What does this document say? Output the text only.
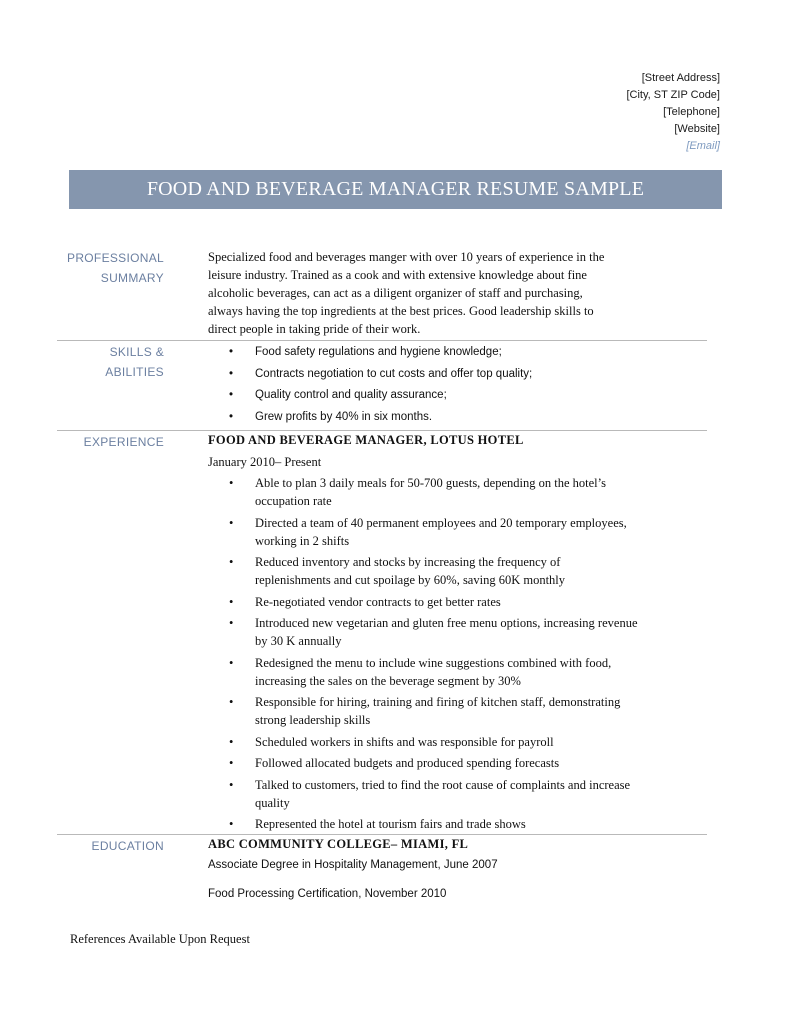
[Street Address]
[City, ST ZIP Code]
[Telephone]
[Website]
[Email]
FOOD AND BEVERAGE MANAGER RESUME SAMPLE
PROFESSIONAL
SUMMARY
Specialized food and beverages manger with over 10 years of experience in the leisure industry. Trained as a cook and with extensive knowledge about fine alcoholic beverages, can act as a diligent organizer of staff and purchasing, always having the top ingredients at the best prices. Good leadership skills to direct people in taking pride of their work.
SKILLS & ABILITIES
• Food safety regulations and hygiene knowledge;
• Contracts negotiation to cut costs and offer top quality;
• Quality control and quality assurance;
• Grew profits by 40% in six months.
EXPERIENCE	FOOD AND BEVERAGE MANAGER, LOTUS HOTEL
January 2010– Present
• Able to plan 3 daily meals for 50-700 guests, depending on the hotel’s occupation rate
• Directed a team of 40 permanent employees and 20 temporary employees, working in 2 shifts
• Reduced inventory and stocks by increasing the frequency of replenishments and cut spoilage by 60%, saving 60K monthly
• Re-negotiated vendor contracts to get better rates
• Introduced new vegetarian and gluten free menu options, increasing revenue by 30 K annually
• Redesigned the menu to include wine suggestions combined with food, increasing the sales on the beverage segment by 30%
• Responsible for hiring, training and firing of kitchen staff, demonstrating strong leadership skills
• Scheduled workers in shifts and was responsible for payroll
• Followed allocated budgets and produced spending forecasts
• Talked to customers, tried to find the root cause of complaints and increase quality
• Represented the hotel at tourism fairs and trade shows
EDUCATION	ABC COMMUNITY COLLEGE– MIAMI, FL
Associate Degree in Hospitality Management, June 2007
Food Processing Certification, November 2010
References Available Upon Request
